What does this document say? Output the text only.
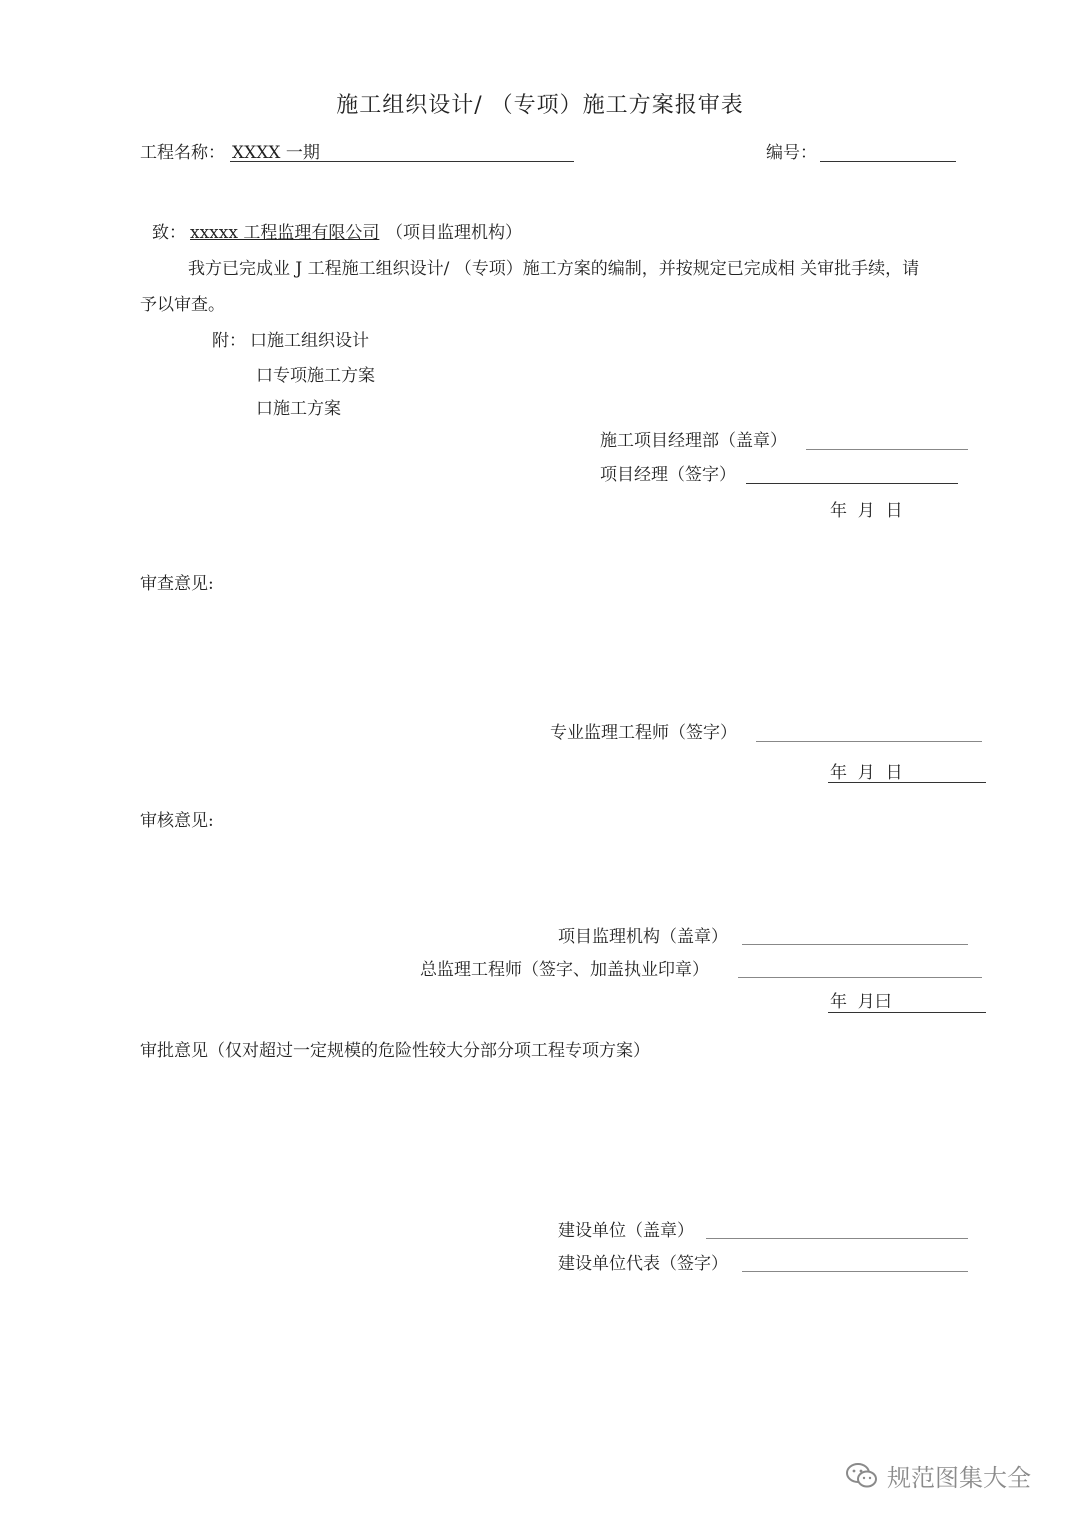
施工组织设计/ （专项）施工方案报审表
工程名称： XXXX 一期	编号：
致： xxxxx 工程监理有限公司 （项目监理机构）
我方已完成业 J 工程施工组织设计/ （专项）施工方案的编制，并按规定已完成相 关审批手续，请
予以审查。
附： 口施工组织设计
口专项施工方案
口施工方案
施工项目经理部（盖章）
项目经理（签字）
年  月  日
审查意见:
专业监理工程师（签字）
年  月  日
审核意见:
项目监理机构（盖章）
总监理工程师（签字、加盖执业印章）
年  月曰
审批意见（仅对超过一定规模的危险性较大分部分项工程专项方案）
建设单位（盖章）
建设单位代表（签字）
规范图集大全
